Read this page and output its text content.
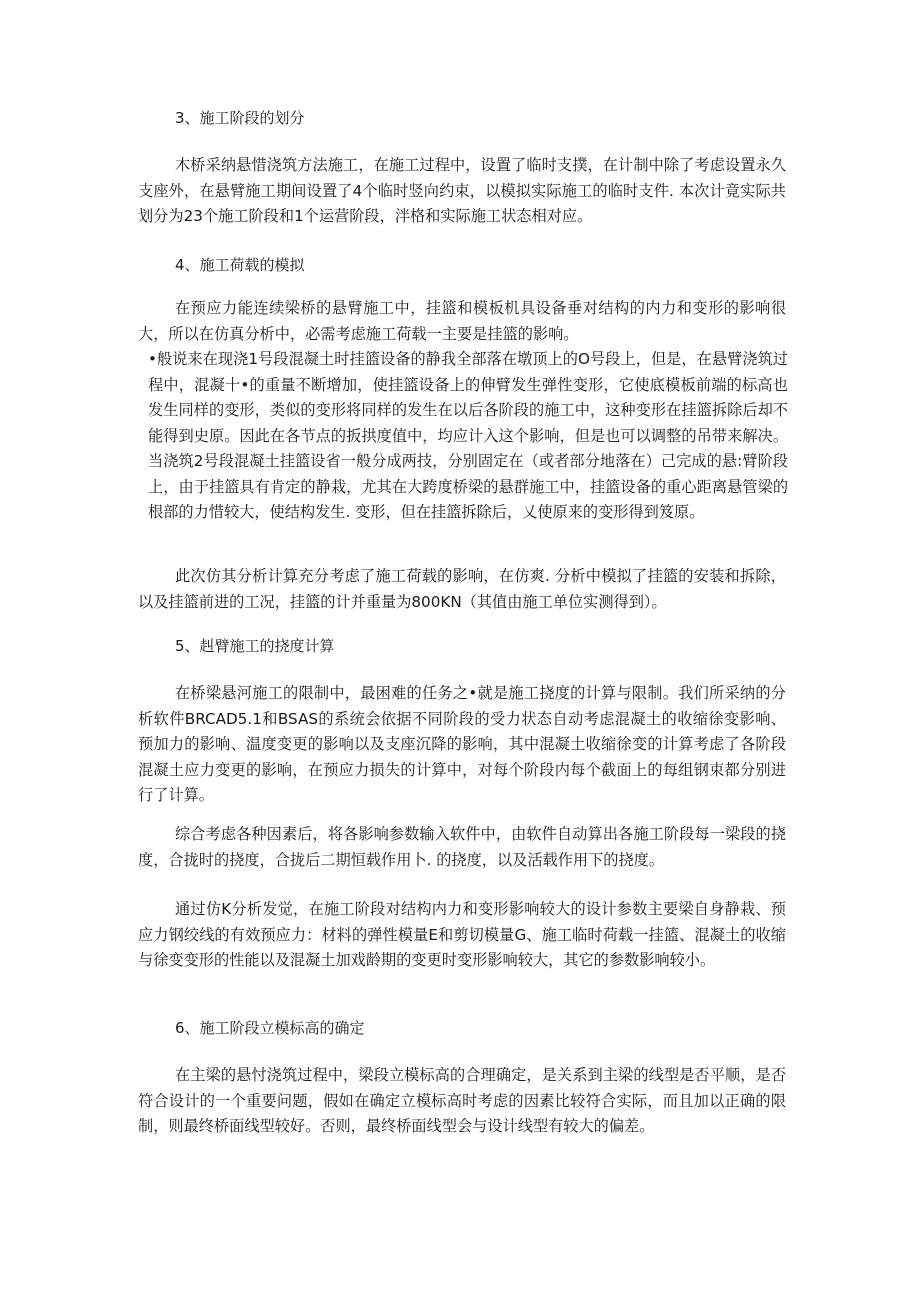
3、施工阶段的划分

木桥采纳悬惜浇筑方法施工，在施工过程中，设置了临时支撲，在计制中除了考虑设置永久支座外，在悬臂施工期间设置了4个临时竖向约束，以模拟实际施工的临时支件. 本次计竟实际共划分为23个施工阶段和1个运营阶段，泮格和实际施工状态相对应。

4、施工荷载的模拟

在预应力能连续梁桥的悬臂施工中，挂篮和模板机具设备垂对结构的内力和变形的影响很大，所以在仿真分析中，必需考虑施工荷载一主要是挂篮的影响。

•般说来在现浇1号段混凝土时挂篮设备的静我全部落在墩顶上的O号段上，但是，在悬臂浇筑过程中，混凝十•的重量不断增加，使挂篮设备上的伸臂发生弹性变形，它使底模板前端的标高也发生同样的变形，类似的变形将同样的发生在以后各阶段的施工中，这种变形在挂篮拆除后却不能得到史原。因此在各节点的扳拱度值中，均应计入这个影响，但是也可以调整的吊带来解决。当浇筑2号段混凝土挂篮设省一般分成两技，分别固定在（或者部分地落在）己完成的悬:臂阶段上，由于挂篮具有肯定的静栽，尤其在大跨度桥梁的悬群施工中，挂篮设备的重心距离悬管梁的根部的力惜较大，使结构发生. 变形，但在挂篮拆除后，乂使原来的变形得到笈原。

此次仿其分析计算充分考虑了施工荷载的影响，在仿爽. 分析中模拟了挂篮的安装和拆除，以及挂篮前进的工况，挂篮的计并重量为800KN（其值由施工单位实测得到）。

5、赳臂施工的挠度计算

在桥梁悬河施工的限制中，最困难的任务之•就是施工挠度的计算与限制。我们所采纳的分析软件BRCAD5.1和BSAS的系统会依据不同阶段的受力状态自动考虑混凝土的收缩徐变影响、预加力的影响、温度变更的影响以及支座沉降的影响，其中混凝土收缩徐变的计算考虑了各阶段混凝土应力变更的影响，在预应力损失的计算中，对每个阶段内每个截面上的每组钢束都分别进行了计算。

综合考虑各种因素后，将各影响参数输入软件中，由软件自动算出各施工阶段每一梁段的挠度，合拢时的挠度，合拢后二期恒载作用卜. 的挠度，以及活载作用下的挠度。

通过仿K分析发觉，在施工阶段对结构内力和变形影响较大的设计参数主要梁自身静栽、预应力钢绞线的有效预应力：材料的弹性模量E和剪切模量G、施工临时荷载一挂篮、混凝土的收缩与徐变变形的性能以及混凝土加戏龄期的变更时变形影响较大，其它的参数影响较小。

6、施工阶段立模标高的确定

在主梁的悬忖浇筑过程中，梁段立模标高的合理确定，是关系到主梁的线型是否平顺，是否符合设计的一个重要问题，假如在确定立模标高时考虑的因素比较符合实际，而且加以正确的限制，则最终桥面线型较好。否则，最终桥面线型会与设计线型有较大的偏差。
